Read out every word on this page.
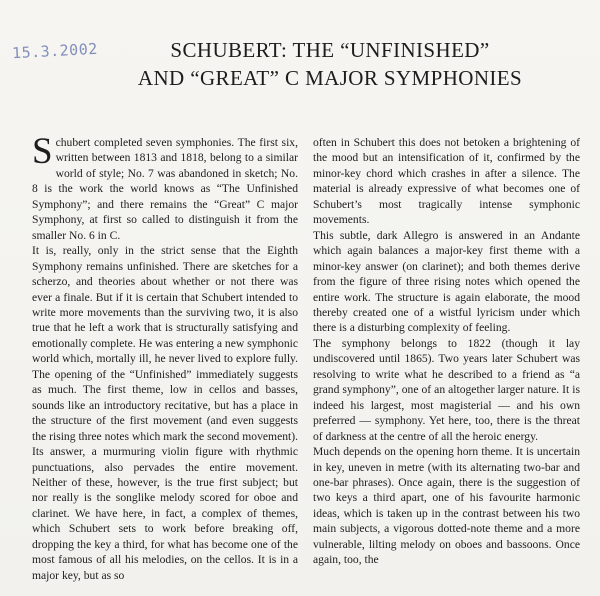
15.3.2002	SCHUBERT: THE “UNFINISHED”
AND “GREAT” C MAJOR SYMPHONIES

Schubert completed seven symphonies. The first six, written between 1813 and 1818, belong to a similar world of style; No. 7 was abandoned in sketch; No. 8 is the work the world knows as “The Unfinished Symphony”; and there remains the “Great” C major Symphony, at first so called to distinguish it from the smaller No. 6 in C.

It is, really, only in the strict sense that the Eighth Symphony remains unfinished. There are sketches for a scherzo, and theories about whether or not there was ever a finale. But if it is certain that Schubert intended to write more movements than the surviving two, it is also true that he left a work that is structurally satisfying and emotionally complete. He was entering a new symphonic world which, mortally ill, he never lived to explore fully. The opening of the “Unfinished” immediately suggests as much. The first theme, low in cellos and basses, sounds like an introductory recitative, but has a place in the structure of the first movement (and even suggests the rising three notes which mark the second movement). Its answer, a murmuring violin figure with rhythmic punctuations, also pervades the entire movement. Neither of these, however, is the true first subject; but nor really is the songlike melody scored for oboe and clarinet. We have here, in fact, a complex of themes, which Schubert sets to work before breaking off, dropping the key a third, for what has become one of the most famous of all his melodies, on the cellos. It is in a major key, but as so

often in Schubert this does not betoken a brightening of the mood but an intensification of it, confirmed by the minor-key chord which crashes in after a silence. The material is already expressive of what becomes one of Schubert’s most tragically intense symphonic movements.

This subtle, dark Allegro is answered in an Andante which again balances a major-key first theme with a minor-key answer (on clarinet); and both themes derive from the figure of three rising notes which opened the entire work. The structure is again elaborate, the mood thereby created one of a wistful lyricism under which there is a disturbing complexity of feeling.

The symphony belongs to 1822 (though it lay undiscovered until 1865). Two years later Schubert was resolving to write what he described to a friend as “a grand symphony”, one of an altogether larger nature. It is indeed his largest, most magisterial — and his own preferred — symphony. Yet here, too, there is the threat of darkness at the centre of all the heroic energy.

Much depends on the opening horn theme. It is uncertain in key, uneven in metre (with its alternating two-bar and one-bar phrases). Once again, there is the suggestion of two keys a third apart, one of his favourite harmonic ideas, which is taken up in the contrast between his two main subjects, a vigorous dotted-note theme and a more vulnerable, lilting melody on oboes and bassoons. Once again, too, the
